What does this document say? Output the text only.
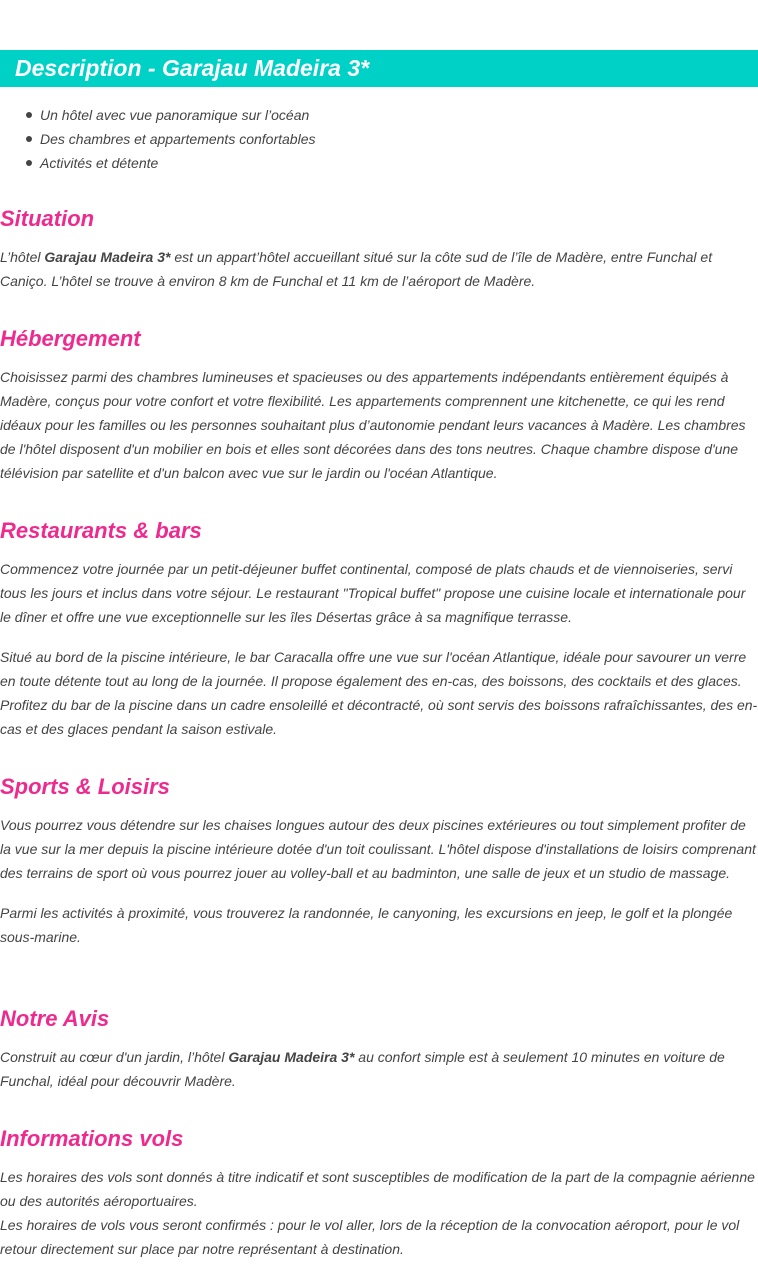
Description - Garajau Madeira 3*
Un hôtel avec vue panoramique sur l’océan
Des chambres et appartements confortables
Activités et détente
Situation

L’hôtel Garajau Madeira 3* est un appart’hôtel accueillant situé sur la côte sud de l’île de Madère, entre Funchal et Caniço. L’hôtel se trouve à environ 8 km de Funchal et 11 km de l’aéroport de Madère.

Hébergement

Choisissez parmi des chambres lumineuses et spacieuses ou des appartements indépendants entièrement équipés à Madère, conçus pour votre confort et votre flexibilité. Les appartements comprennent une kitchenette, ce qui les rend idéaux pour les familles ou les personnes souhaitant plus d’autonomie pendant leurs vacances à Madère. Les chambres de l'hôtel disposent d'un mobilier en bois et elles sont décorées dans des tons neutres. Chaque chambre dispose d'une télévision par satellite et d'un balcon avec vue sur le jardin ou l'océan Atlantique.

Restaurants & bars

Commencez votre journée par un petit-déjeuner buffet continental, composé de plats chauds et de viennoiseries, servi tous les jours et inclus dans votre séjour. Le restaurant "Tropical buffet" propose une cuisine locale et internationale pour le dîner et offre une vue exceptionnelle sur les îles Désertas grâce à sa magnifique terrasse.

Situé au bord de la piscine intérieure, le bar Caracalla offre une vue sur l'océan Atlantique, idéale pour savourer un verre en toute détente tout au long de la journée. Il propose également des en-cas, des boissons, des cocktails et des glaces. Profitez du bar de la piscine dans un cadre ensoleillé et décontracté, où sont servis des boissons rafraîchissantes, des en-cas et des glaces pendant la saison estivale.

Sports & Loisirs

Vous pourrez vous détendre sur les chaises longues autour des deux piscines extérieures ou tout simplement profiter de la vue sur la mer depuis la piscine intérieure dotée d'un toit coulissant. L'hôtel dispose d'installations de loisirs comprenant des terrains de sport où vous pourrez jouer au volley-ball et au badminton, une salle de jeux et un studio de massage.

Parmi les activités à proximité, vous trouverez la randonnée, le canyoning, les excursions en jeep, le golf et la plongée sous-marine.

Notre Avis

Construit au cœur d'un jardin, l’hôtel Garajau Madeira 3* au confort simple est à seulement 10 minutes en voiture de Funchal, idéal pour découvrir Madère.

Informations vols

Les horaires des vols sont donnés à titre indicatif et sont susceptibles de modification de la part de la compagnie aérienne ou des autorités aéroportuaires.

Les horaires de vols vous seront confirmés : pour le vol aller, lors de la réception de la convocation aéroport, pour le vol retour directement sur place par notre représentant à destination.
